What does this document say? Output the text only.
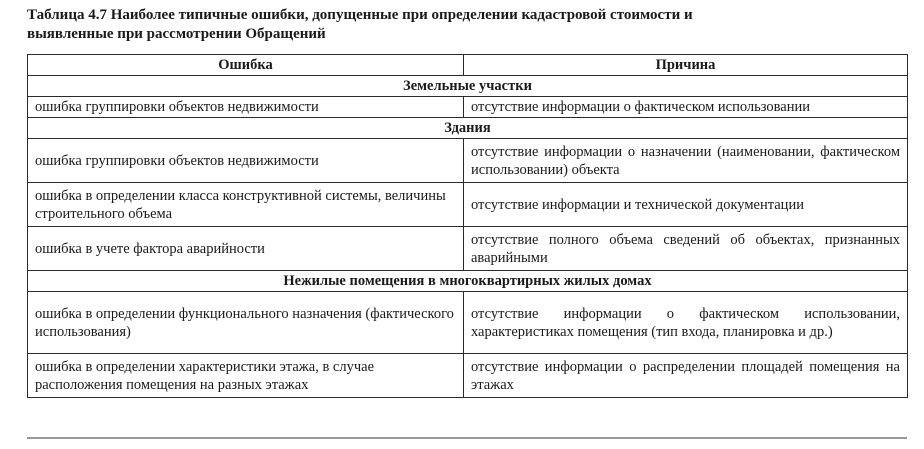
Таблица 4.7 Наиболее типичные ошибки, допущенные при определении кадастровой стоимости и
выявленные при рассмотрении Обращений
Ошибка	Причина
Земельные участки	
ошибка группировки объектов недвижимости	отсутствие информации о фактическом использовании
Здания	
ошибка группировки объектов недвижимости	отсутствие информации о назначении (наименовании, фактическом использовании) объекта
ошибка в определении класса конструктивной системы, величины строительного объема	отсутствие информации и технической документации
ошибка в учете фактора аварийности	отсутствие полного объема сведений об объектах, признанных аварийными
Нежилые помещения в многоквартирных жилых домах	
ошибка в определении функционального назначения (фактического использования)	отсутствие информации о фактическом использовании, характеристиках помещения (тип входа, планировка и др.)
ошибка в определении характеристики этажа, в случае расположения помещения на разных этажах	отсутствие информации о распределении площадей помещения на этажах
